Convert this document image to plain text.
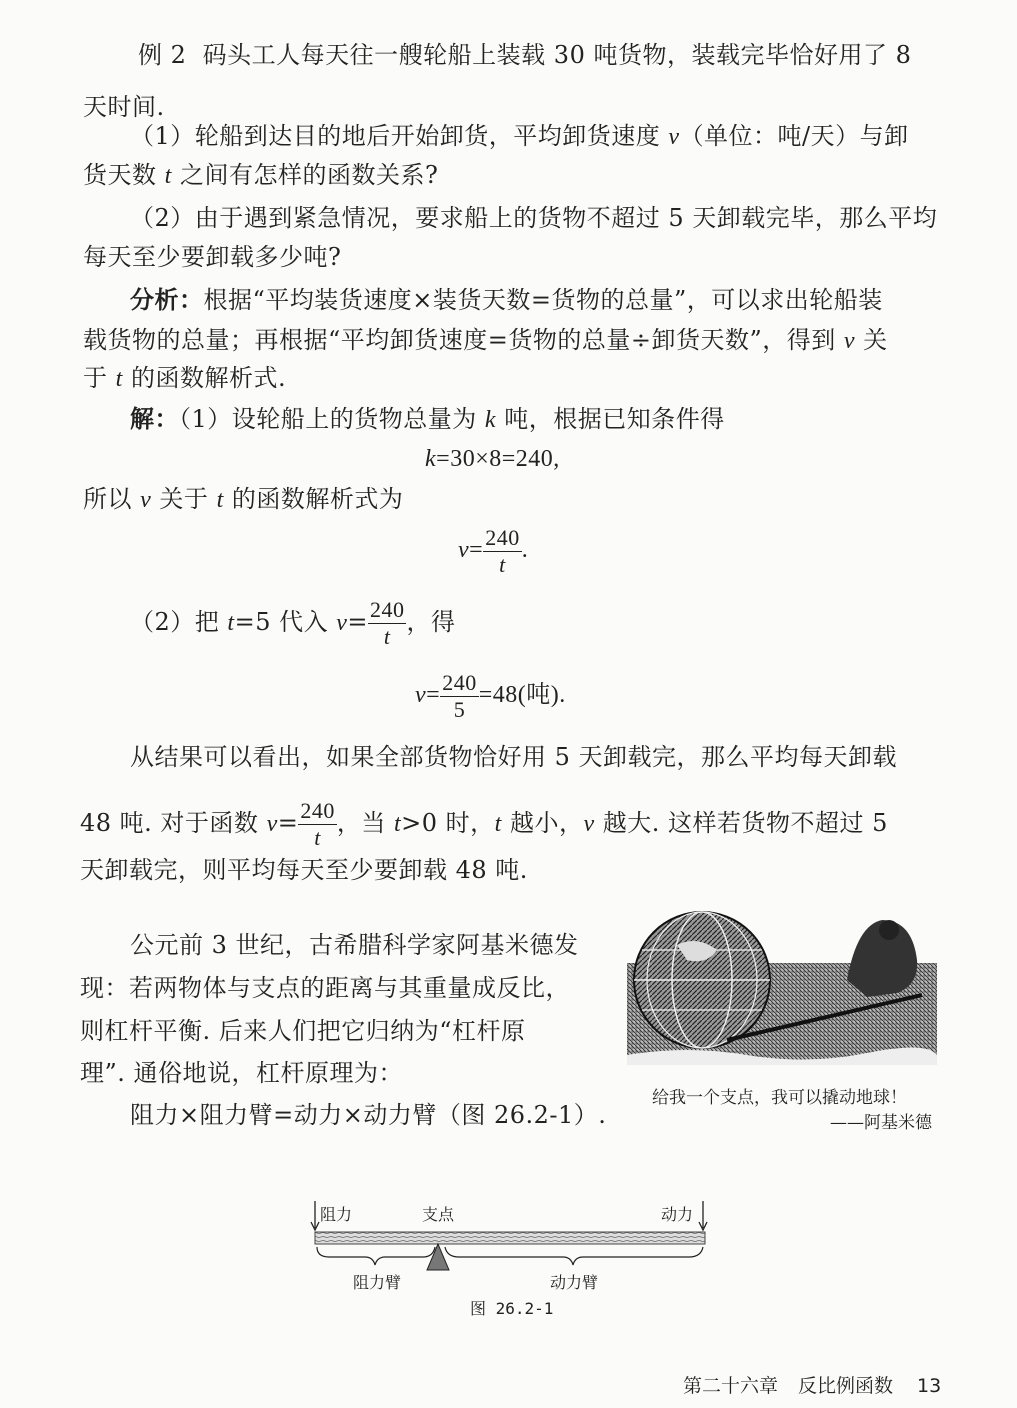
例 2 码头工人每天往一艘轮船上装载 30 吨货物，装载完毕恰好用了 8
天时间.
（1）轮船到达目的地后开始卸货，平均卸货速度 v（单位：吨/天）与卸
货天数 t 之间有怎样的函数关系?
（2）由于遇到紧急情况，要求船上的货物不超过 5 天卸载完毕，那么平均
每天至少要卸载多少吨?
分析：根据“平均装货速度×装货天数=货物的总量”，可以求出轮船装
载货物的总量；再根据“平均卸货速度=货物的总量÷卸货天数”，得到 v 关
于 t 的函数解析式.
解：（1）设轮船上的货物总量为 k 吨，根据已知条件得
k=30×8=240,
所以 v 关于 t 的函数解析式为
$v= \frac{240}{t}$ .
（2）把 t=5 代入 $v= \frac{240}{t}$ ，得
$v= \frac{240}{5} =48$(吨).
从结果可以看出，如果全部货物恰好用 5 天卸载完，那么平均每天卸载
48 吨. 对于函数 $v= \frac{240}{t}$ ，当 t>0 时，t 越小，v 越大. 这样若货物不超过 5
天卸载完，则平均每天至少要卸载 48 吨.
公元前 3 世纪，古希腊科学家阿基米德发
现：若两物体与支点的距离与其重量成反比，
则杠杆平衡. 后来人们把它归纳为“杠杆原
理”. 通俗地说，杠杆原理为：
阻力×阻力臂=动力×动力臂（图 26.2-1）.
给我一个支点，我可以撬动地球！
——阿基米德
阻力	支点	动力
阻力臂	动力臂
图 26.2-1
第二十六章 反比例函数 13
